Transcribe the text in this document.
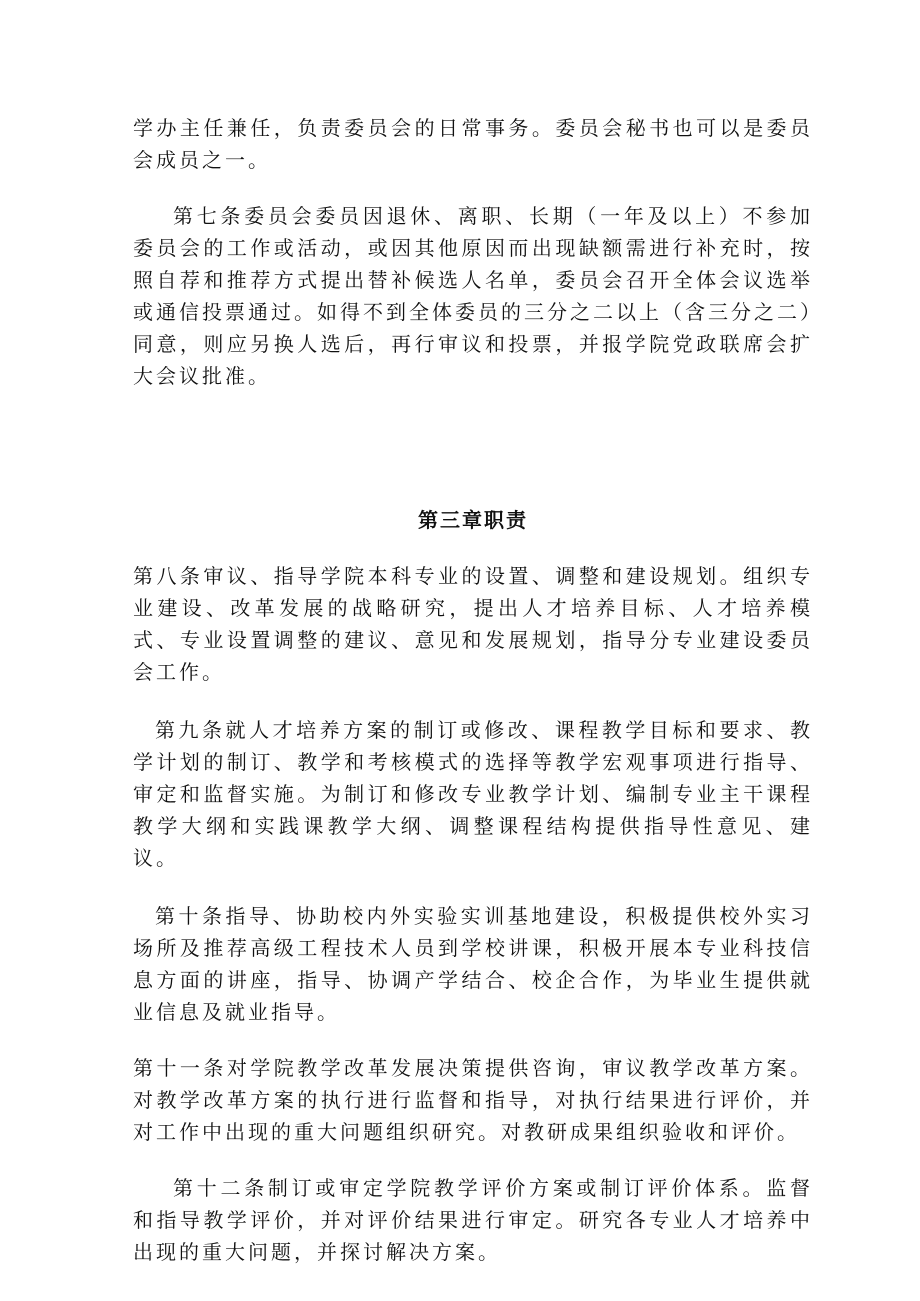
学办主任兼任，负责委员会的日常事务。委员会秘书也可以是委员会成员之一。

第七条委员会委员因退休、离职、长期（一年及以上）不参加委员会的工作或活动，或因其他原因而出现缺额需进行补充时，按照自荐和推荐方式提出替补候选人名单，委员会召开全体会议选举或通信投票通过。如得不到全体委员的三分之二以上（含三分之二）同意，则应另换人选后，再行审议和投票，并报学院党政联席会扩大会议批准。

第三章职责

第八条审议、指导学院本科专业的设置、调整和建设规划。组织专业建设、改革发展的战略研究，提出人才培养目标、人才培养模式、专业设置调整的建议、意见和发展规划，指导分专业建设委员会工作。

第九条就人才培养方案的制订或修改、课程教学目标和要求、教学计划的制订、教学和考核模式的选择等教学宏观事项进行指导、审定和监督实施。为制订和修改专业教学计划、编制专业主干课程教学大纲和实践课教学大纲、调整课程结构提供指导性意见、建议。

第十条指导、协助校内外实验实训基地建设，积极提供校外实习场所及推荐高级工程技术人员到学校讲课，积极开展本专业科技信息方面的讲座，指导、协调产学结合、校企合作，为毕业生提供就业信息及就业指导。

第十一条对学院教学改革发展决策提供咨询，审议教学改革方案。对教学改革方案的执行进行监督和指导，对执行结果进行评价，并对工作中出现的重大问题组织研究。对教研成果组织验收和评价。

第十二条制订或审定学院教学评价方案或制订评价体系。监督和指导教学评价，并对评价结果进行审定。研究各专业人才培养中出现的重大问题，并探讨解决方案。
